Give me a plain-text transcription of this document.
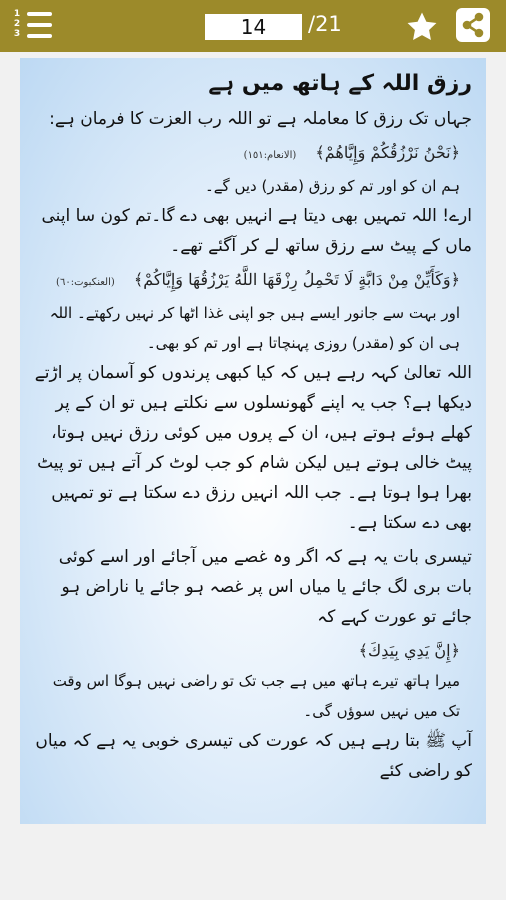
1
2
3
14	/21

رزق اللہ کے ہاتھ میں ہے

جہاں تک رزق کا معاملہ ہے تو اللہ رب العزت کا فرمان ہے:

﴿نَحْنُ نَرْزُقُكُمْ وَإِيَّاهُمْ﴾ (الانعام:١٥١)

ہم ان کو اور تم کو رزق (مقدر) دیں گے۔

ارے! اللہ تمہیں بھی دیتا ہے انہیں بھی دے گا۔تم کون سا اپنی ماں کے پیٹ سے رزق ساتھ لے کر آگئے تھے۔

﴿وَكَأَيِّنْ مِنْ دَابَّةٍ لَا تَحْمِلُ رِزْقَهَا اللَّهُ يَرْزُقُهَا وَإِيَّاكُمْ﴾ (العنکبوت:٦٠)

اور بہت سے جانور ایسے ہیں جو اپنی غذا اٹھا کر نہیں رکھتے۔ اللہ ہی ان کو (مقدر) روزی پہنچاتا ہے اور تم کو بھی۔

اللہ تعالیٰ کہہ رہے ہیں کہ کیا کبھی پرندوں کو آسمان پر اڑتے دیکھا ہے؟ جب یہ اپنے گھونسلوں سے نکلتے ہیں تو ان کے پر کھلے ہوئے ہوتے ہیں، ان کے پروں میں کوئی رزق نہیں ہوتا، پیٹ خالی ہوتے ہیں لیکن شام کو جب لوٹ کر آتے ہیں تو پیٹ بھرا ہوا ہوتا ہے۔ جب اللہ انہیں رزق دے سکتا ہے تو تمہیں بھی دے سکتا ہے۔

تیسری بات یہ ہے کہ اگر وہ غصے میں آجائے اور اسے کوئی بات بری لگ جائے یا میاں اس پر غصہ ہو جائے یا ناراض ہو جائے تو عورت کہے کہ

﴿إِنَّ يَدِي بِيَدِكَ﴾

میرا ہاتھ تیرے ہاتھ میں ہے جب تک تو راضی نہیں ہوگا اس وقت تک میں نہیں سوؤں گی۔

آپ ﷺ بتا رہے ہیں کہ عورت کی تیسری خوبی یہ ہے کہ میاں کو راضی کئے
